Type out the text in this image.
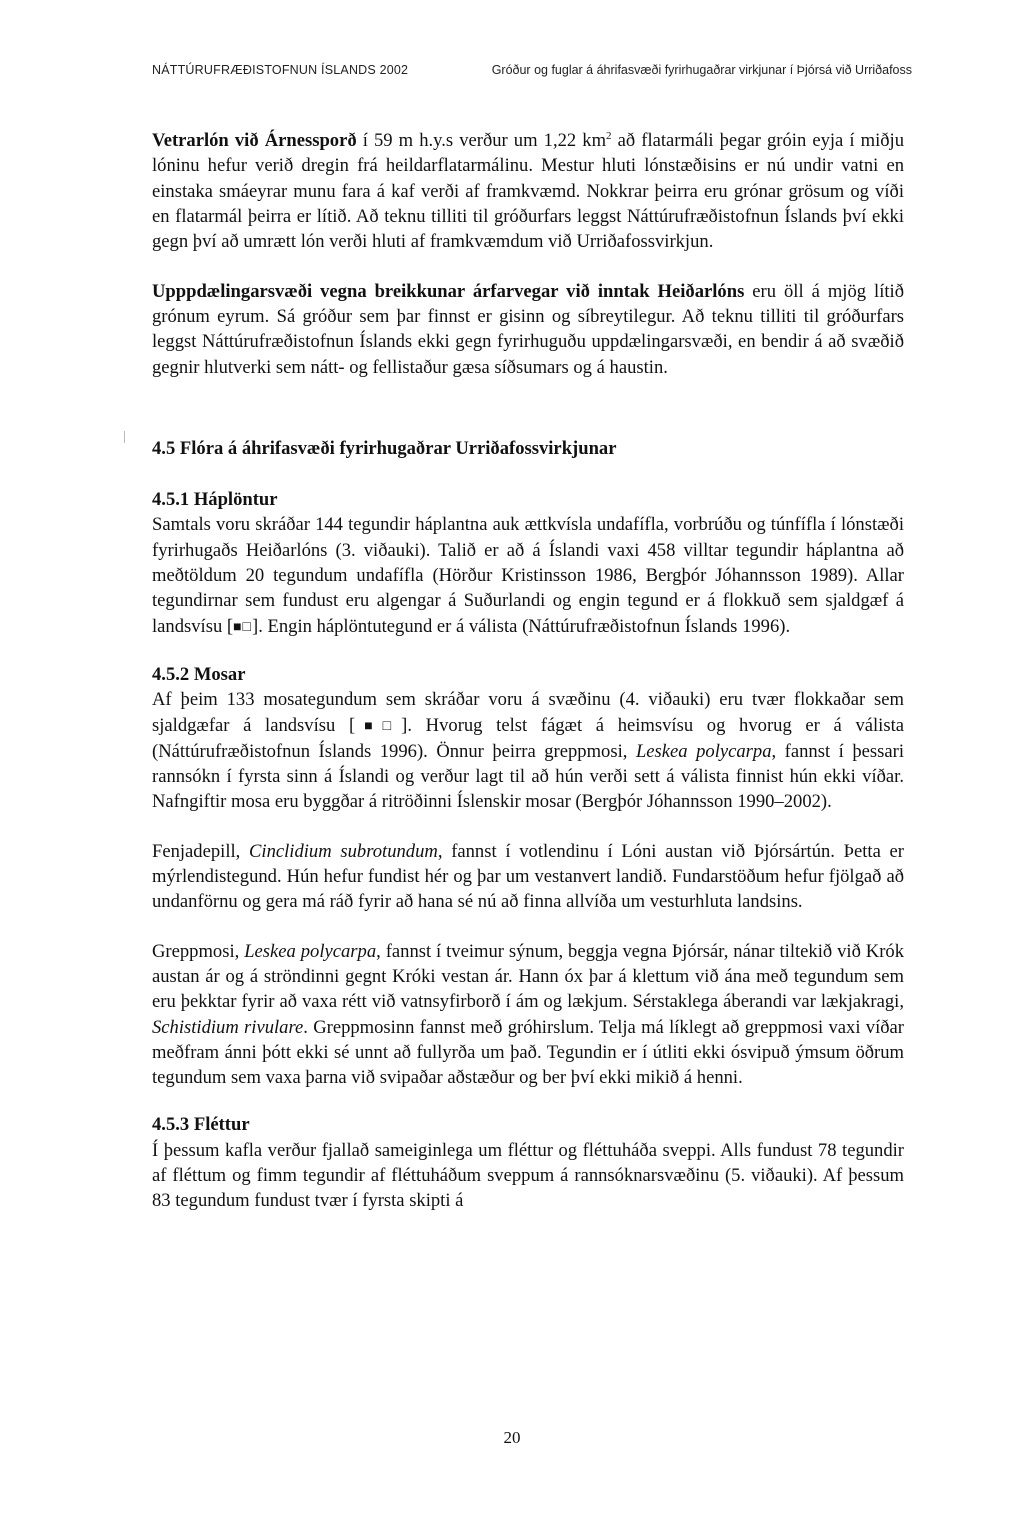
NÁTTÚRUFRÆÐISTOFNUN ÍSLANDS 2002	Gróður og fuglar á áhrifasvæði fyrirhugaðrar virkjunar í Þjórsá við Urriðafoss

Vetrarlón við Árnessporð í 59 m h.y.s verður um 1,22 $km^2$ að flatarmáli þegar gróin eyja í miðju lóninu hefur verið dregin frá heildarflatarmálinu. Mestur hluti lónstæðisins er nú undir vatni en einstaka smáeyrar munu fara á kaf verði af framkvæmd. Nokkrar þeirra eru grónar grösum og víði en flatarmál þeirra er lítið. Að teknu tilliti til gróðurfars leggst Náttúrufræðistofnun Íslands því ekki gegn því að umrætt lón verði hluti af framkvæmdum við Urriðafossvirkjun.

Upppdælingarsvæði vegna breikkunar árfarvegar við inntak Heiðarlóns eru öll á mjög lítið grónum eyrum. Sá gróður sem þar finnst er gisinn og síbreytilegur. Að teknu tilliti til gróðurfars leggst Náttúrufræðistofnun Íslands ekki gegn fyrirhuguðu uppdælingarsvæði, en bendir á að svæðið gegnir hlutverki sem nátt- og fellistaður gæsa síðsumars og á haustin.

4.5 Flóra á áhrifasvæði fyrirhugaðrar Urriðafossvirkjunar
4.5.1 Háplöntur

Samtals voru skráðar 144 tegundir háplantna auk ættkvísla undafífla, vorbrúðu og túnfífla í lónstæði fyrirhugaðs Heiðarlóns (3. viðauki). Talið er að á Íslandi vaxi 458 villtar tegundir háplantna að meðtöldum 20 tegundum undafífla (Hörður Kristinsson 1986, Bergþór Jóhannsson 1989). Allar tegundirnar sem fundust eru algengar á Suðurlandi og engin tegund er á flokkuð sem sjaldgæf á landsvísu [■□]. Engin háplöntutegund er á válista (Náttúrufræðistofnun Íslands 1996).

4.5.2 Mosar

Af þeim 133 mosategundum sem skráðar voru á svæðinu (4. viðauki) eru tvær flokkaðar sem sjaldgæfar á landsvísu [■□]. Hvorug telst fágæt á heimsvísu og hvorug er á válista (Náttúrufræðistofnun Íslands 1996). Önnur þeirra greppmosi, Leskea polycarpa, fannst í þessari rannsókn í fyrsta sinn á Íslandi og verður lagt til að hún verði sett á válista finnist hún ekki víðar. Nafngiftir mosa eru byggðar á ritröðinni Íslenskir mosar (Bergþór Jóhannsson 1990–2002).

Fenjadepill, Cinclidium subrotundum, fannst í votlendinu í Lóni austan við Þjórsártún. Þetta er mýrlendistegund. Hún hefur fundist hér og þar um vestanvert landið. Fundarstöðum hefur fjölgað að undanförnu og gera má ráð fyrir að hana sé nú að finna allvíða um vesturhluta landsins.

Greppmosi, Leskea polycarpa, fannst í tveimur sýnum, beggja vegna Þjórsár, nánar tiltekið við Krók austan ár og á ströndinni gegnt Króki vestan ár. Hann óx þar á klettum við ána með tegundum sem eru þekktar fyrir að vaxa rétt við vatnsyfirborð í ám og lækjum. Sérstaklega áberandi var lækjakragi, Schistidium rivulare. Greppmosinn fannst með gróhirslum. Telja má líklegt að greppmosi vaxi víðar meðfram ánni þótt ekki sé unnt að fullyrða um það. Tegundin er í útliti ekki ósvipuð ýmsum öðrum tegundum sem vaxa þarna við svipaðar aðstæður og ber því ekki mikið á henni.

4.5.3 Fléttur

Í þessum kafla verður fjallað sameiginlega um fléttur og fléttuháða sveppi. Alls fundust 78 tegundir af fléttum og fimm tegundir af fléttuháðum sveppum á rannsóknarsvæðinu (5. viðauki). Af þessum 83 tegundum fundust tvær í fyrsta skipti á

20
